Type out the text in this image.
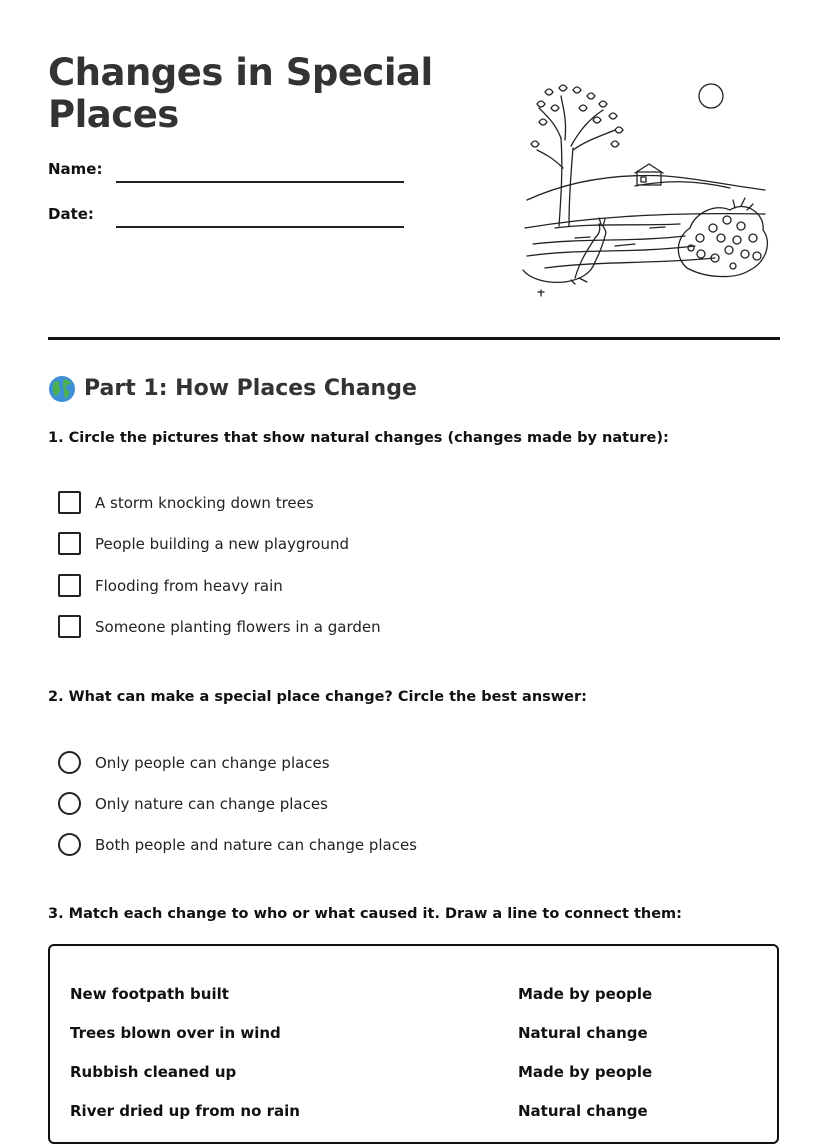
Changes in Special Places
Name:
Date:
Part 1: How Places Change

1. Circle the pictures that show natural changes (changes made by nature):

A storm knocking down trees
People building a new playground
Flooding from heavy rain
Someone planting flowers in a garden

2. What can make a special place change? Circle the best answer:

Only people can change places
Only nature can change places
Both people and nature can change places

3. Match each change to who or what caused it. Draw a line to connect them:

New footpath built	Made by people
Trees blown over in wind	Natural change
Rubbish cleaned up	Made by people
River dried up from no rain	Natural change
